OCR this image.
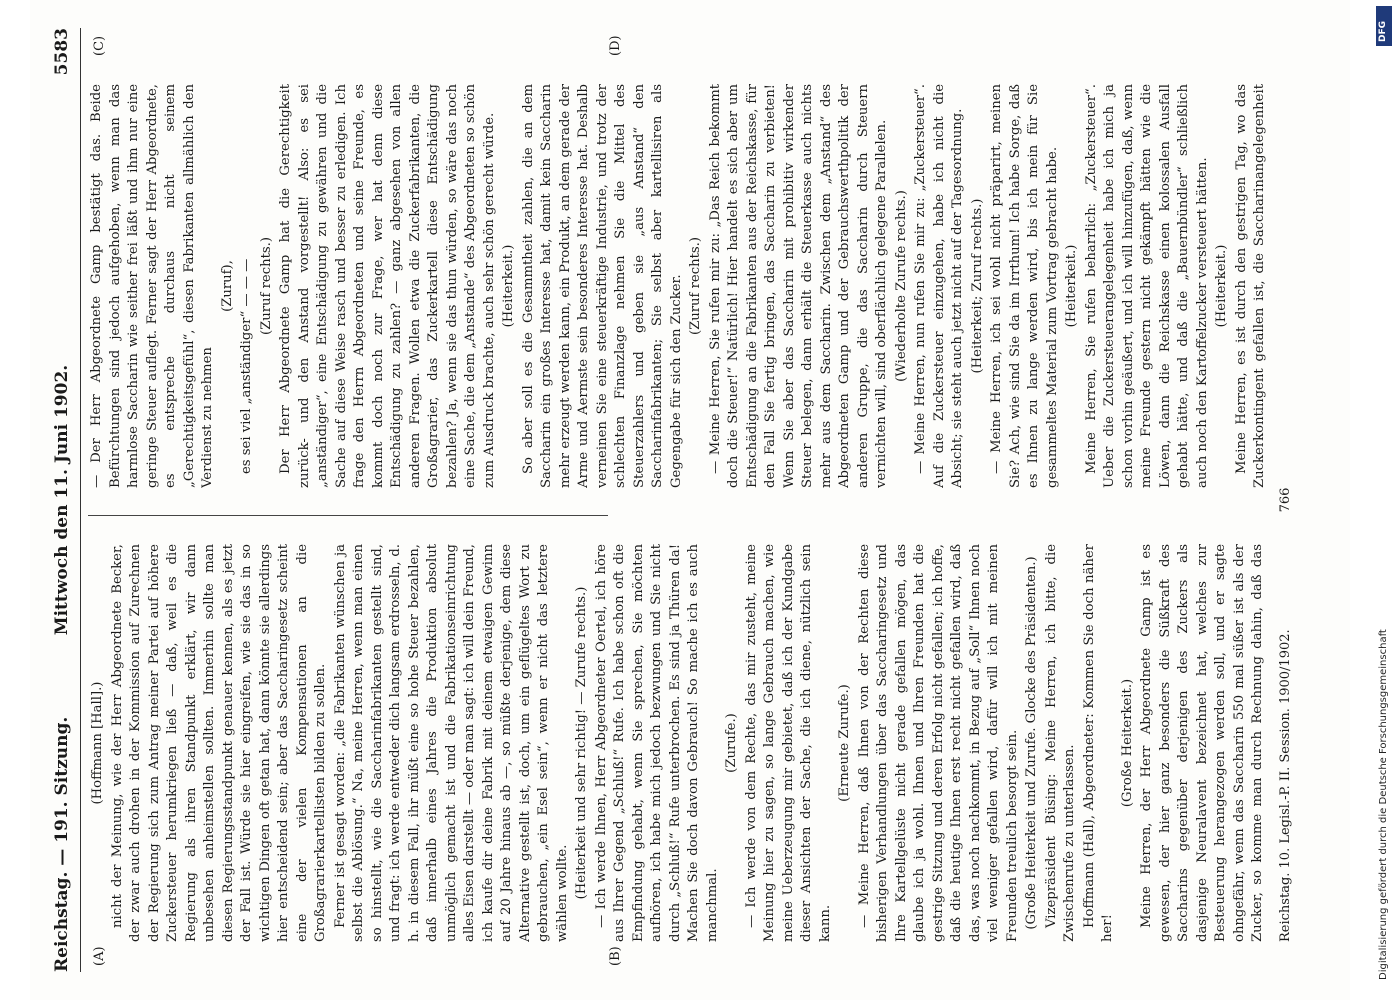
Reichstag. — 191. Sitzung.
Mittwoch den 11. Juni 1902.
5583
(A)	(B)
(C)	(D)

(Hoffmann [Hall].) nicht der Meinung, wie der Herr Abgeordnete Becker, der zwar auch drohen in der Kommission auf Zurechnen der Regierung sich zum Antrag meiner Partei auf höhere Zuckersteuer herumkriegen ließ — daß, weil es die Regierung als ihren Standpunkt erklärt, wir dann unbesehen anheimstellen sollten. Immerhin sollte man diesen Regierungsstandpunkt genauer kennen, als es jetzt der Fall ist. Würde sie hier eingreifen, wie sie das in so wichtigen Dingen oft getan hat, dann könnte sie allerdings hier entscheidend sein; aber das Saccharingesetz scheint eine der vielen Kompensationen an die Großagrarierkartellisten bilden zu sollen. Ferner ist gesagt worden: „die Fabrikanten wünschen ja selbst die Ablösung.“ Na, meine Herren, wenn man einen so hinstellt, wie die Saccharinfabrikanten gestellt sind, und fragt: ich werde entweder dich langsam erdrosseln, d. h. in diesem Fall, ihr müßt eine so hohe Steuer bezahlen, daß innerhalb eines Jahres die Produktion absolut unmöglich gemacht ist und die Fabrikationseinrichtung alles Eisen darstellt — oder man sagt: ich will dein Freund, ich kaufe dir deine Fabrik mit deinem etwaigen Gewinn auf 20 Jahre hinaus ab —, so müßte derjenige, dem diese Alternative gestellt ist, doch, um ein geflügeltes Wort zu gebrauchen, „ein Esel sein“, wenn er nicht das letztere wählen wollte. (Heiterkeit und sehr richtig! — Zurufe rechts.) — Ich werde Ihnen, Herr Abgeordneter Oertel, ich höre aus Ihrer Gegend „Schluß!“ Rufe. Ich habe schon oft die Empfindung gehabt, wenn Sie sprechen, Sie möchten aufhören, ich habe mich jedoch bezwungen und Sie nicht durch „Schluß!“ Rufe unterbrochen. Es sind ja Thüren da! Machen Sie doch davon Gebrauch! So mache ich es auch manchmal.

(Zurufe.) — Ich werde von dem Rechte, das mir zusteht, meine Meinung hier zu sagen, so lange Gebrauch machen, wie meine Ueberzeugung mir gebietet, daß ich der Kundgabe dieser Ansichten der Sache, die ich diene, nützlich sein kann.

(Erneute Zurufe.) — Meine Herren, daß Ihnen von der Rechten diese bisherigen Verhandlungen über das Saccharingesetz und Ihre Kartellgelüste nicht gerade gefallen mögen, das glaube ich ja wohl. Ihnen und Ihren Freunden hat die gestrige Sitzung und deren Erfolg nicht gefallen; ich hoffe, daß die heutige Ihnen erst recht nicht gefallen wird, daß das, was noch nachkommt, in Bezug auf „Soll“ Ihnen noch viel weniger gefallen wird, dafür will ich mit meinen Freunden treulich besorgt sein. (Große Heiterkeit und Zurufe. Glocke des Präsidenten.) Vizepräsident Büsing: Meine Herren, ich bitte, die Zwischenrufe zu unterlassen. Hoffmann (Hall), Abgeordneter: Kommen Sie doch näher her!

(Große Heiterkeit.)

Meine Herren, der Herr Abgeordnete Gamp ist es gewesen, der hier ganz besonders die Süßkraft des Saccharins gegenüber derjenigen des Zuckers als dasjenige Neuralavent bezeichnet hat, welches zur Besteuerung herangezogen werden soll, und er sagte ohngefähr, wenn das Saccharin 550 mal süßer ist als der Zucker, so komme man durch Rechnung dahin, daß das

— Der Herr Abgeordnete Gamp bestätigt das. Beide Befürchtungen sind jedoch aufgehoben, wenn man das harmlose Saccharin wie seither frei läßt und ihm nur eine geringe Steuer auflegt. Ferner sagt der Herr Abgeordnete, es entspreche durchaus nicht seinem „Gerechtigkeitsgefühl“, diesen Fabrikanten allmählich den Verdienst zu nehmen

(Zuruf), es sei viel „anständiger“ — — — (Zuruf rechts.) Der Herr Abgeordnete Gamp hat die Gerechtigkeit zurück- und den Anstand vorgestellt! Also: es sei „anständiger“, eine Entschädigung zu gewähren und die Sache auf diese Weise rasch und besser zu erledigen. Ich frage den Herrn Abgeordneten und seine Freunde, es kommt doch noch zur Frage, wer hat denn diese Entschädigung zu zahlen? — ganz abgesehen von allen anderen Fragen. Wollen etwa die Zuckerfabrikanten, die Großagrarier, das Zuckerkartell diese Entschädigung bezahlen? Ja, wenn sie das thun würden, so wäre das noch eine Sache, die dem „Anstande“ des Abgeordneten so schön zum Ausdruck brachte, auch sehr schön gerecht würde. (Heiterkeit.) So aber soll es die Gesammtheit zahlen, die an dem Saccharin ein großes Interesse hat, damit kein Saccharin mehr erzeugt werden kann, ein Produkt, an dem gerade der Arme und Aermste sein besonderes Interesse hat. Deshalb verneinen Sie eine steuerkräftige Industrie, und trotz der schlechten Finanzlage nehmen Sie die Mittel des Steuerzahlers und geben sie „aus Anstand“ den Saccharinfabrikanten; Sie selbst aber kartellisiren als Gegengabe für sich den Zucker. (Zuruf rechts.) — Meine Herren, Sie rufen mir zu: „Das Reich bekommt doch die Steuer!“ Natürlich! Hier handelt es sich aber um Entschädigung an die Fabrikanten aus der Reichskasse, für den Fall Sie fertig bringen, das Saccharin zu verbieten! Wenn Sie aber das Saccharin mit prohibitiv wirkender Steuer belegen, dann erhält die Steuerkasse auch nichts mehr aus dem Saccharin. Zwischen dem „Anstand“ des Abgeordneten Gamp und der Gebrauchswerthpolitik der anderen Gruppe, die das Saccharin durch Steuern vernichten will, sind oberflächlich gelegene Parallelen. (Wiederholte Zurufe rechts.) — Meine Herren, nun rufen Sie mir zu: „Zuckersteuer“. Auf die Zuckersteuer einzugehen, habe ich nicht die Absicht; sie steht auch jetzt nicht auf der Tagesordnung. (Heiterkeit; Zuruf rechts.) — Meine Herren, ich sei wohl nicht präparirt, meinen Sie? Ach, wie sind Sie da im Irrthum! Ich habe Sorge, daß es Ihnen zu lange werden wird, bis ich mein für Sie gesammeltes Material zum Vortrag gebracht habe. (Heiterkeit.) Meine Herren, Sie rufen beharrlich: „Zuckersteuer“. Ueber die Zuckersteuerangelegenheit habe ich mich ja schon vorhin geäußert, und ich will hinzufügen, daß, wenn meine Freunde gestern nicht gekämpft hätten wie die Löwen, dann die Reichskasse einen kolossalen Ausfall gehabt hätte, und daß die „Bauernbündler“ schließlich auch noch den Kartoffelzucker versteuert hätten. (Heiterkeit.)

Meine Herren, es ist durch den gestrigen Tag, wo das Zuckerkontingent gefallen ist, die Saccharinangelegenheit

Reichstag. 10. Legisl.-P. II. Session. 1900/1902.
766
DFG
Digitalisierung gefördert durch die Deutsche Forschungsgemeinschaft
